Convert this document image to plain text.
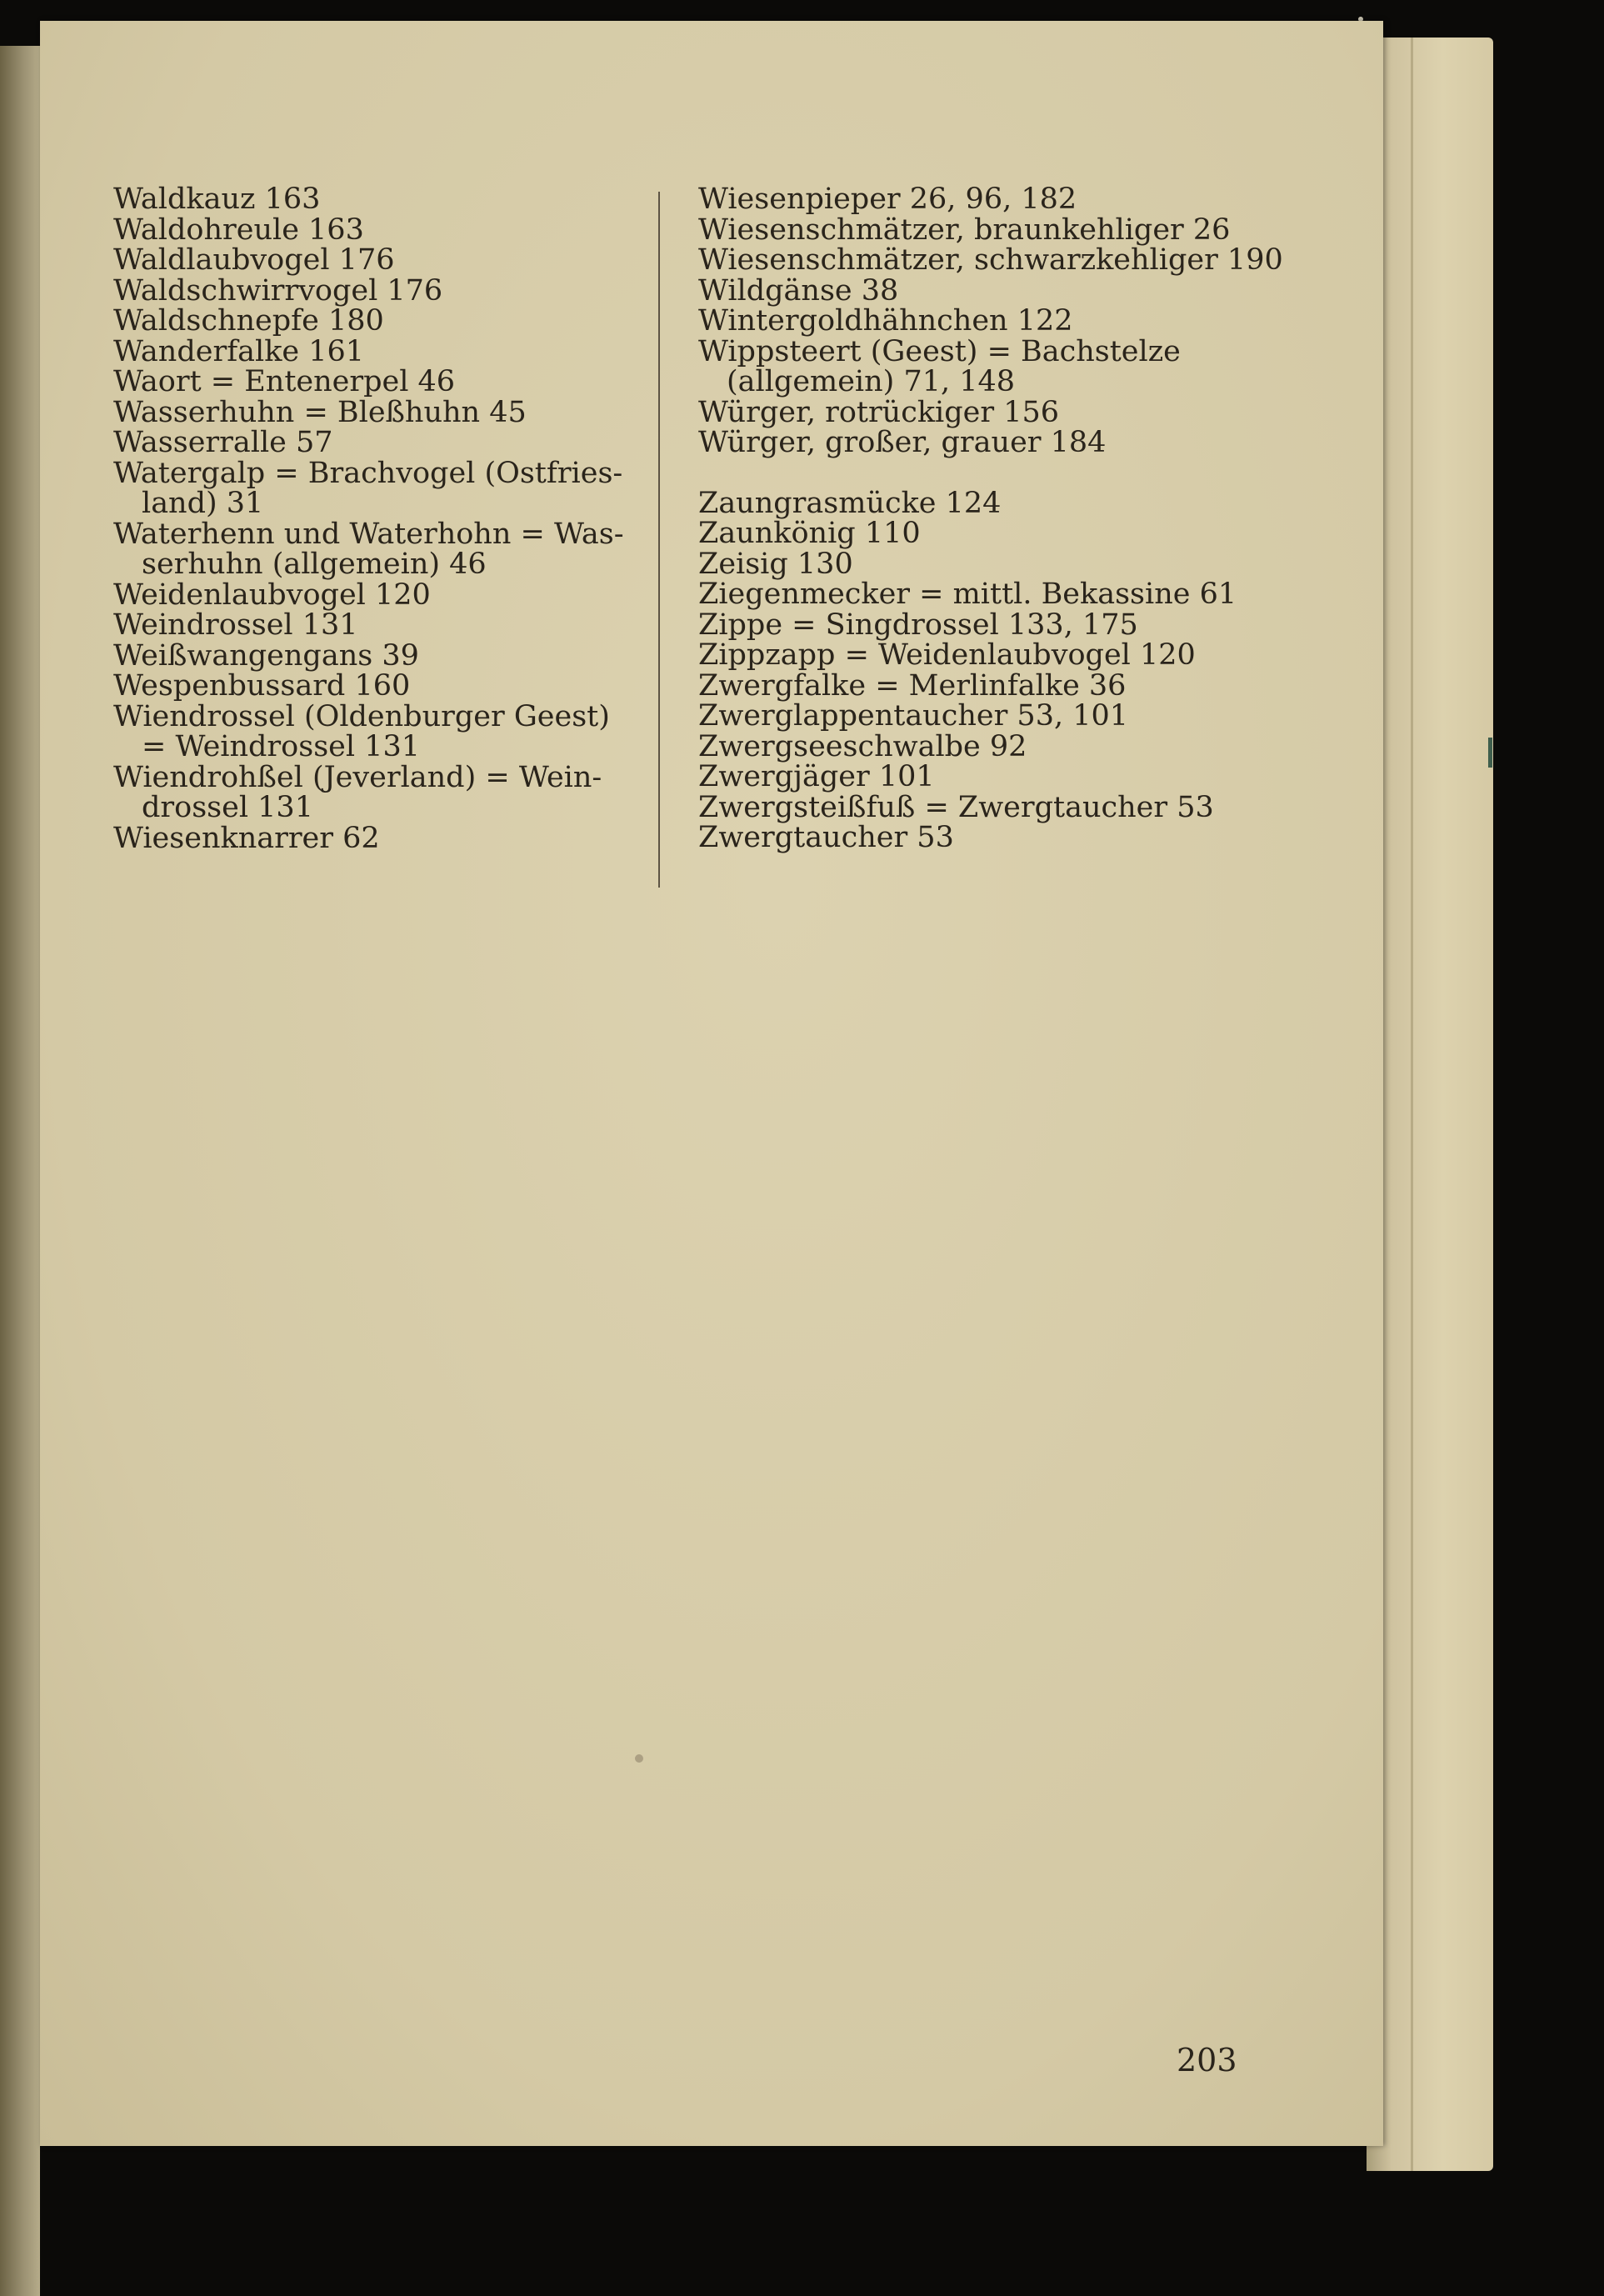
Waldkauz 163
Waldohreule 163
Waldlaubvogel 176
Waldschwirrvogel 176
Waldschnepfe 180
Wanderfalke 161
Waort = Entenerpel 46
Wasserhuhn = Bleßhuhn 45
Wasserralle 57
Watergalp = Brachvogel (Ostfries-
land) 31
Waterhenn und Waterhohn = Was-
serhuhn (allgemein) 46
Weidenlaubvogel 120
Weindrossel 131
Weißwangengans 39
Wespenbussard 160
Wiendrossel (Oldenburger Geest)
= Weindrossel 131
Wiendrohßel (Jeverland) = Wein-
drossel 131
Wiesenknarrer 62
Wiesenpieper 26, 96, 182
Wiesenschmätzer, braunkehliger 26
Wiesenschmätzer, schwarzkehliger 190
Wildgänse 38
Wintergoldhähnchen 122
Wippsteert (Geest) = Bachstelze
(allgemein) 71, 148
Würger, rotrückiger 156
Würger, großer, grauer 184
Zaungrasmücke 124
Zaunkönig 110
Zeisig 130
Ziegenmecker = mittl. Bekassine 61
Zippe = Singdrossel 133, 175
Zippzapp = Weidenlaubvogel 120
Zwergfalke = Merlinfalke 36
Zwerglappentaucher 53, 101
Zwergseeschwalbe 92
Zwergjäger 101
Zwergsteißfuß = Zwergtaucher 53
Zwergtaucher 53
203
